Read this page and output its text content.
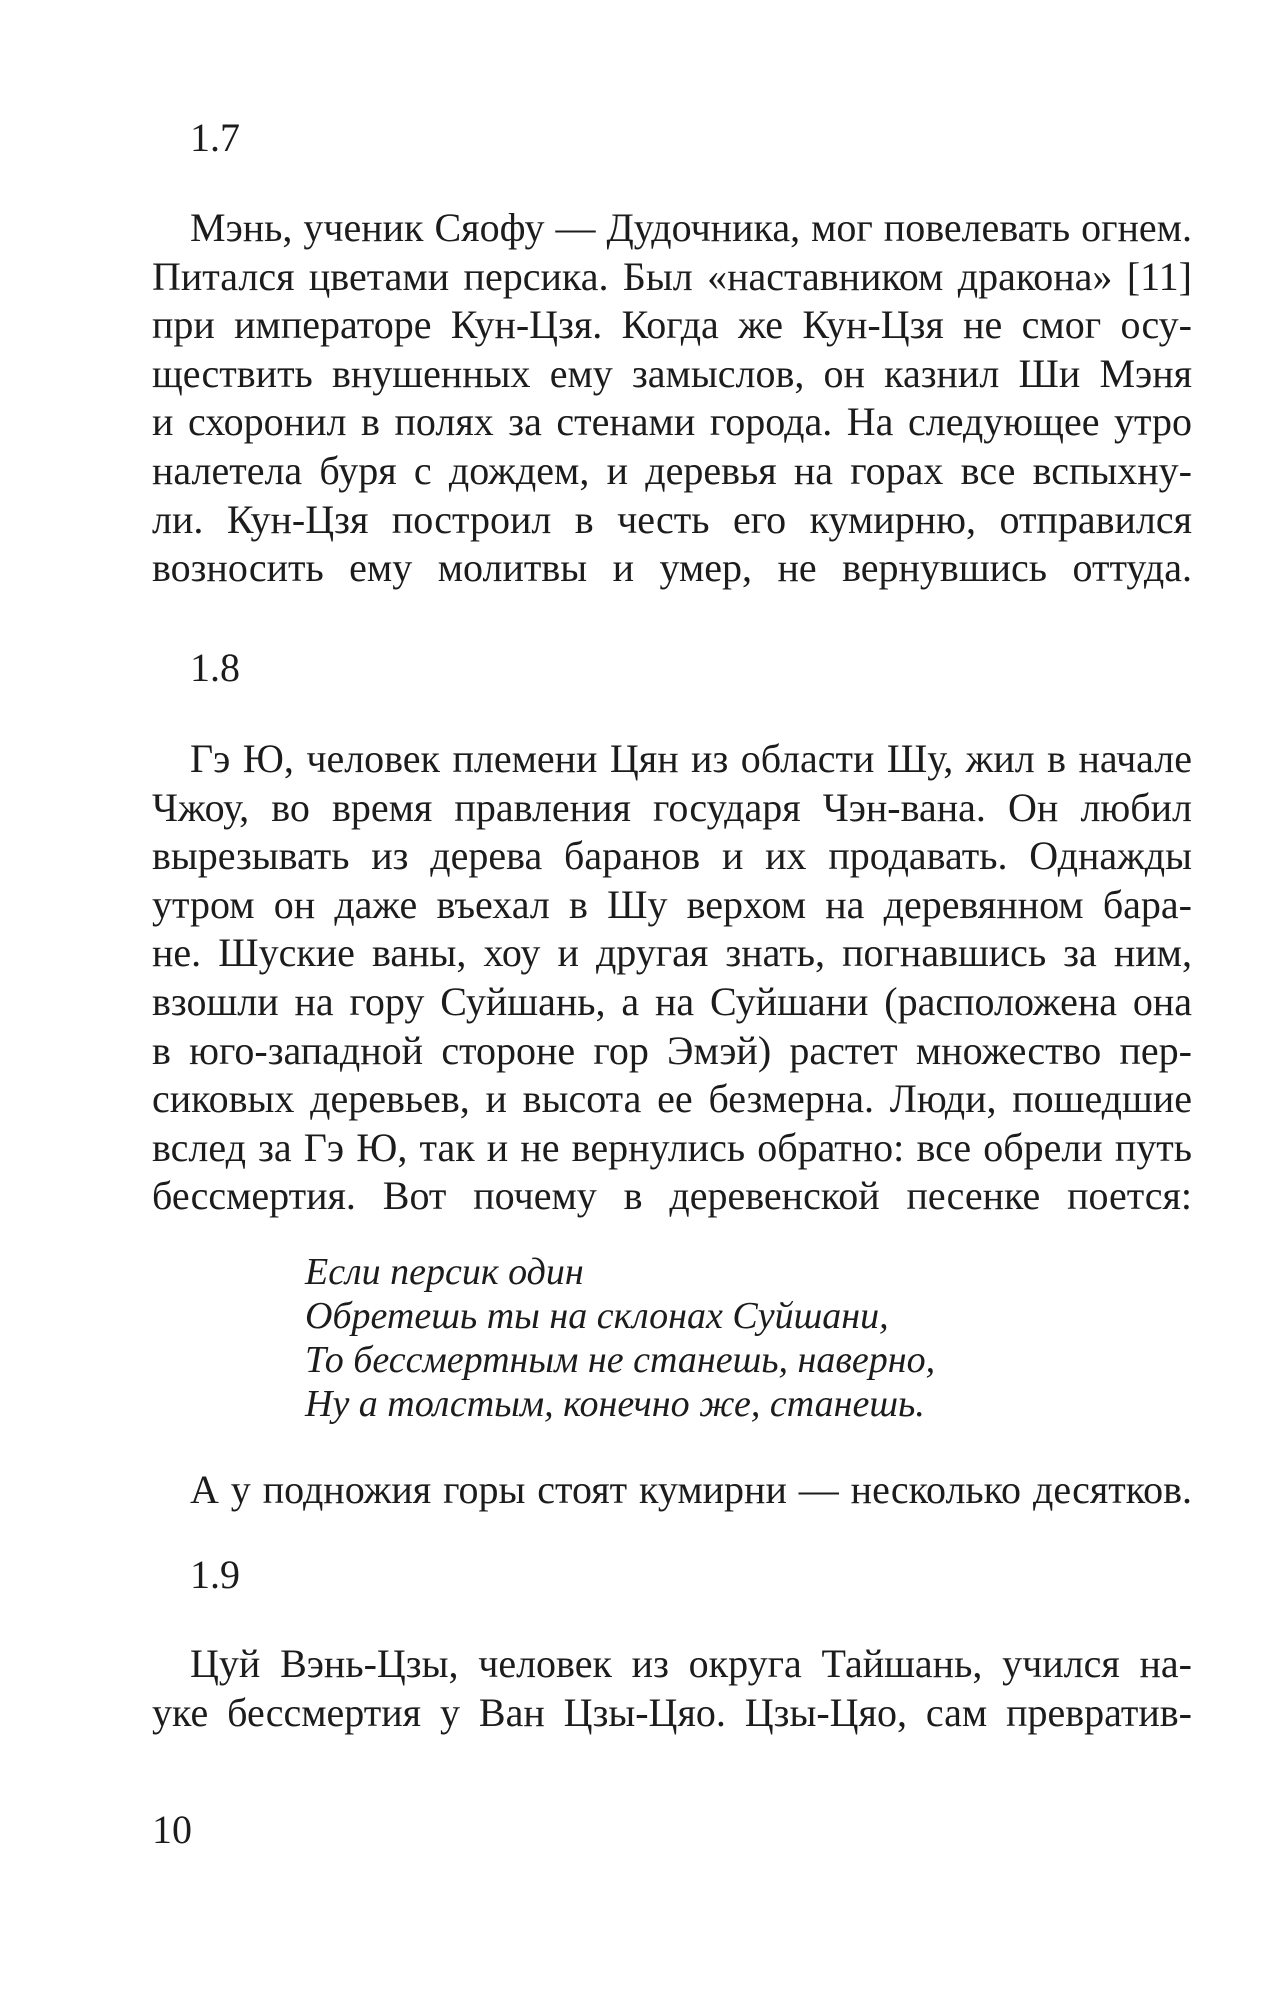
1.7
Мэнь, ученик Сяофу — Дудочника, мог повелевать огнем.
Питался цветами персика. Был «наставником дракона» [11]
при императоре Кун-Цзя. Когда же Кун-Цзя не смог осу-
ществить внушенных ему замыслов, он казнил Ши Мэня
и схоронил в полях за стенами города. На следующее утро
налетела буря с дождем, и деревья на горах все вспыхну-
ли. Кун-Цзя построил в честь его кумирню, отправился
возносить ему молитвы и умер, не вернувшись оттуда.
1.8
Гэ Ю, человек племени Цян из области Шу, жил в начале
Чжоу, во время правления государя Чэн-вана. Он любил
вырезывать из дерева баранов и их продавать. Однажды
утром он даже въехал в Шу верхом на деревянном бара-
не. Шуские ваны, хоу и другая знать, погнавшись за ним,
взошли на гору Суйшань, а на Суйшани (расположена она
в юго-западной стороне гор Эмэй) растет множество пер-
сиковых деревьев, и высота ее безмерна. Люди, пошедшие
вслед за Гэ Ю, так и не вернулись обратно: все обрели путь
бессмертия. Вот почему в деревенской песенке поется:
Если персик один
Обретешь ты на склонах Суйшани,
То бессмертным не станешь, наверно,
Ну а толстым, конечно же, станешь.
А у подножия горы стоят кумирни — несколько десятков.
1.9
Цуй Вэнь-Цзы, человек из округа Тайшань, учился на-
уке бессмертия у Ван Цзы-Цяо. Цзы-Цяо, сам превратив-
10
